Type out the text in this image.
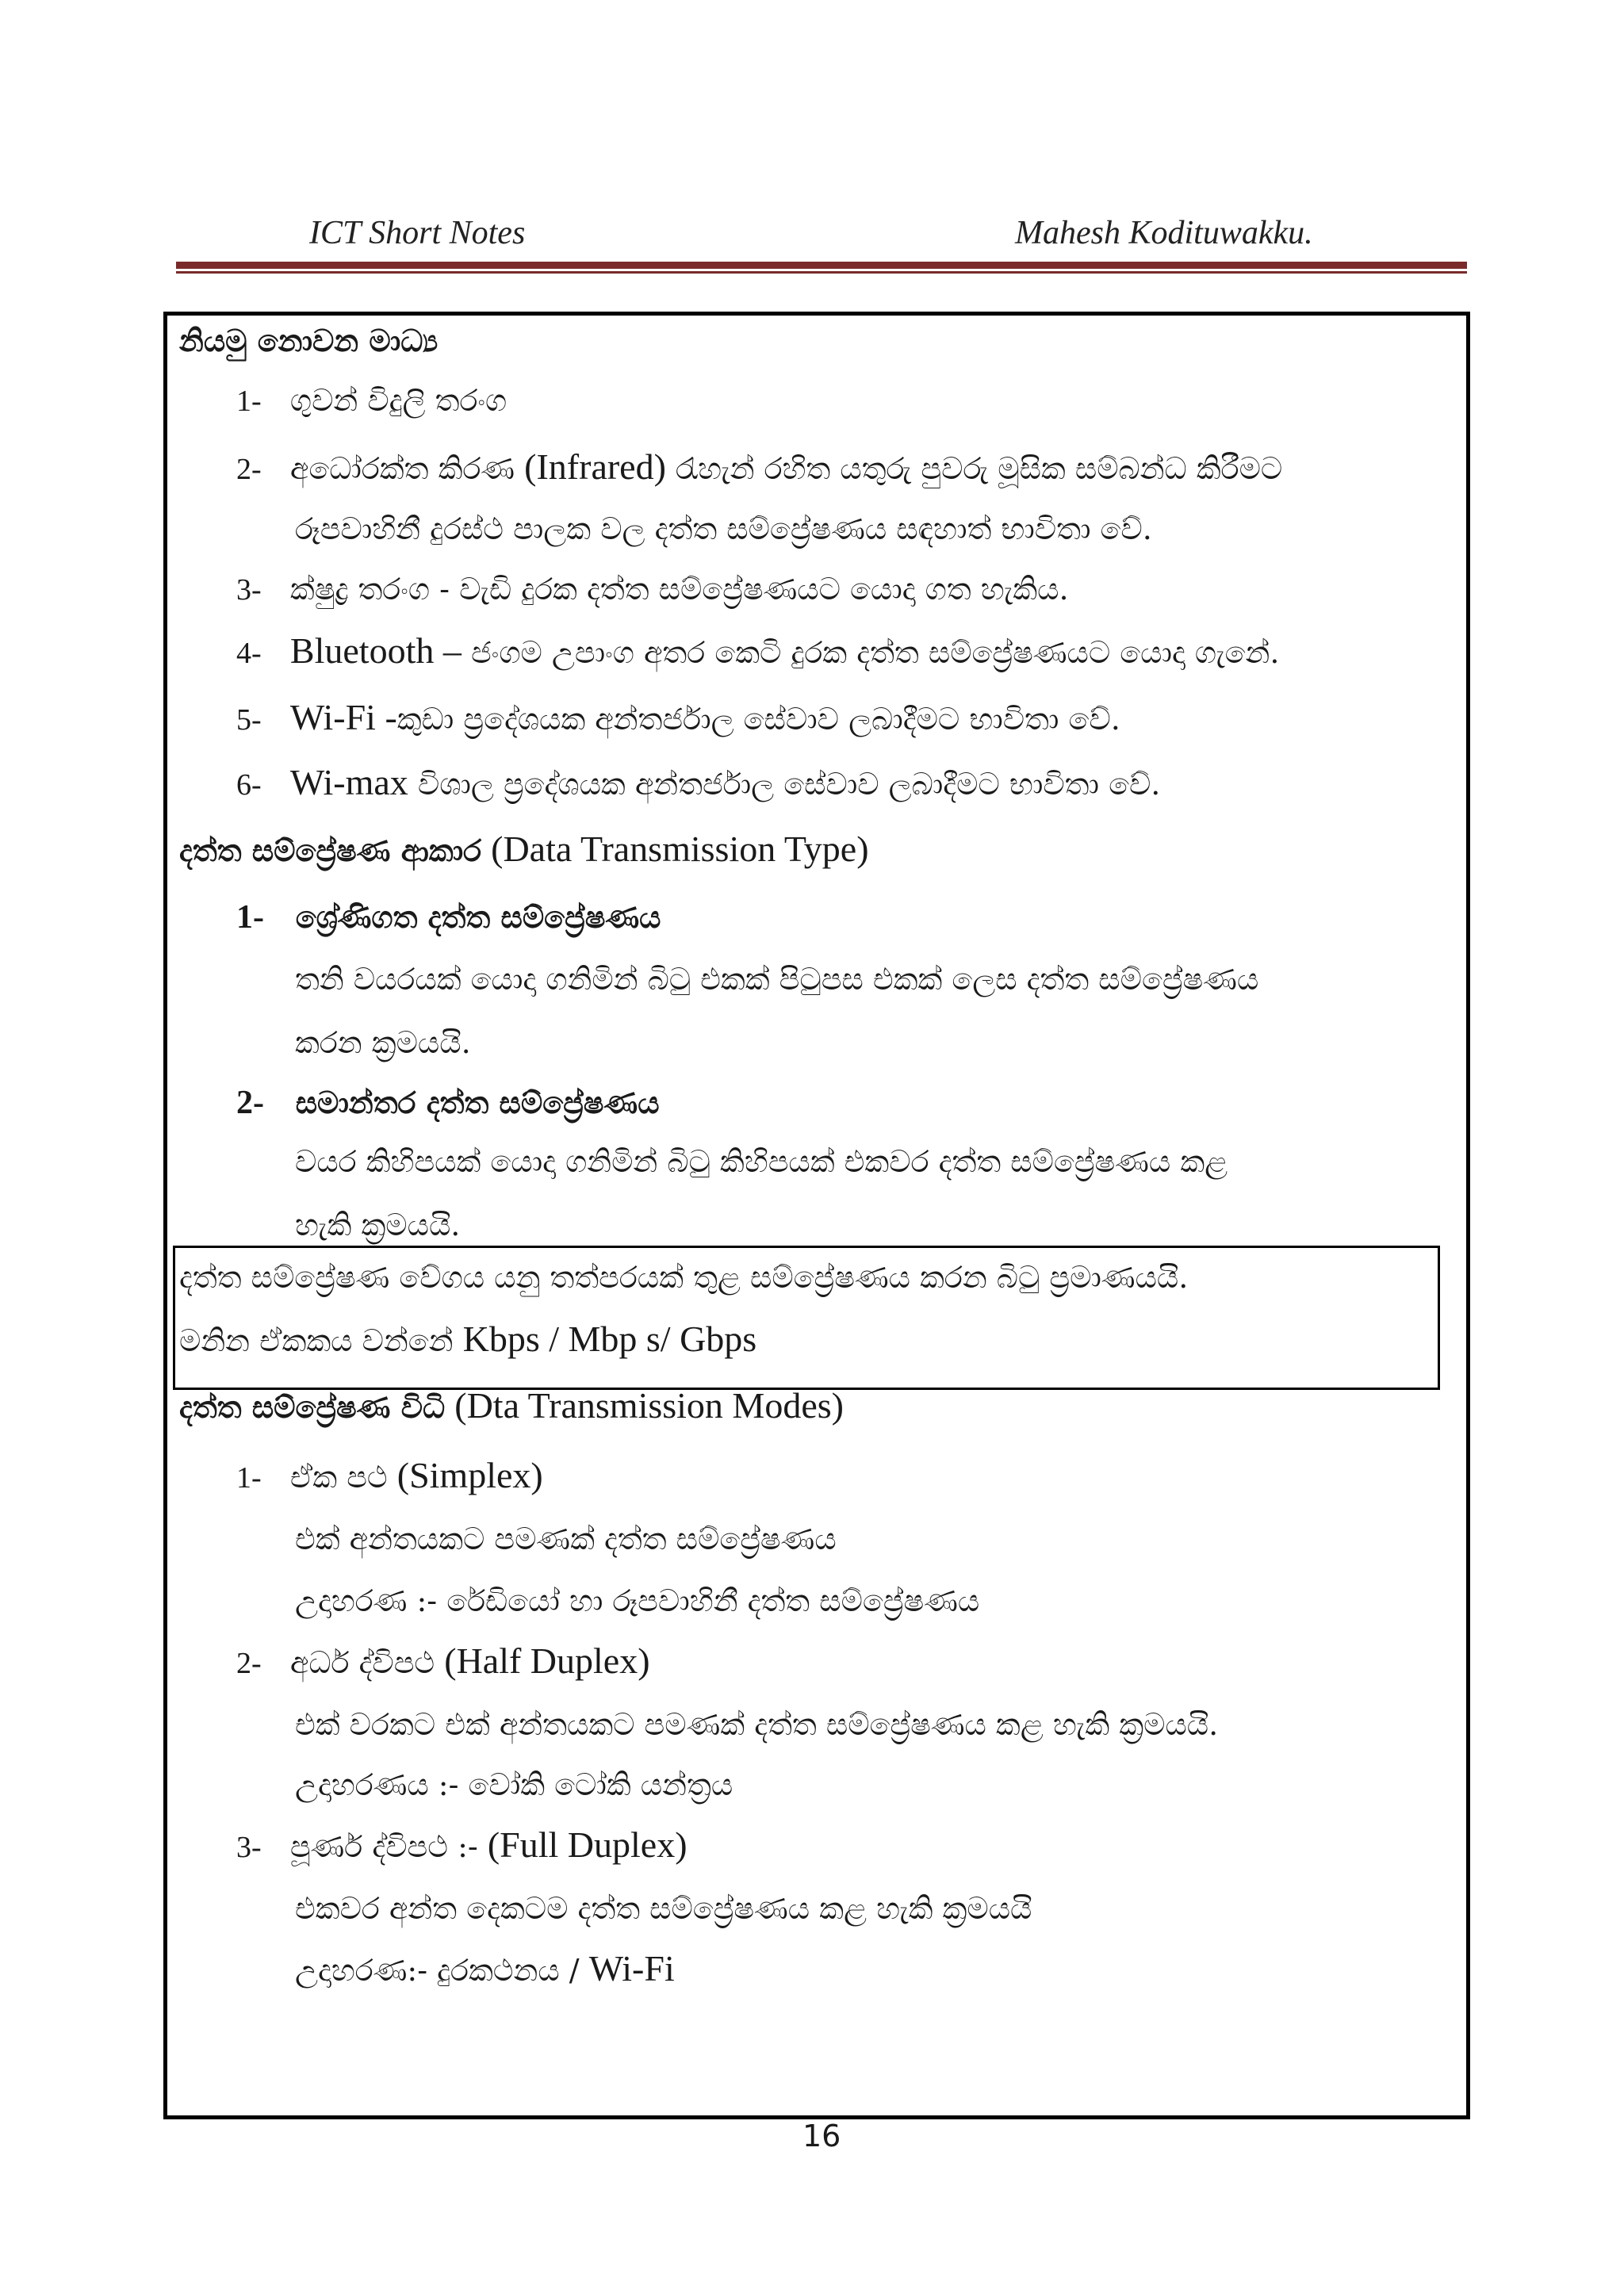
ICT Short Notes	Mahesh Kodituwakku.
නියමු නොවන මාධ්‍ය
1- ගුවන් විදුලි තරංග
2- අධෝරක්ත කිරණ (Infrared) රැහැන් රහිත යතුරු පුවරු මූසික සම්බන්ධ කිරීමට
රූපවාහිනී දුරස්ථ පාලක වල දත්ත සම්ප්‍රේෂණය සඳහාත් භාවිතා වේ.
3- ක්ෂුද්‍ර තරංග - වැඩි දුරක දත්ත සම්ප්‍රේෂණයට යොදා ගත හැකිය.
4- Bluetooth – ජංගම උපාංග අතර කෙටි දුරක දත්ත සම්ප්‍රේෂණයට යොදා ගැනේ.
5- Wi-Fi -කුඩා ප්‍රදේශයක අන්තර්ජාල සේවාව ලබාදීමට භාවිතා වේ.
6- Wi-max විශාල ප්‍රදේශයක අන්තර්ජාල සේවාව ලබාදීමට භාවිතා වේ.
දත්ත සම්ප්‍රේෂණ ආකාර (Data Transmission Type)
1- ශ්‍රේණිගත දත්ත සම්ප්‍රේෂණය
තනි වයරයක් යොදා ගනිමින් බිටු එකක් පිටුපස එකක් ලෙස දත්ත සම්ප්‍රේෂණය
කරන ක්‍රමයයි.
2- සමාන්තර දත්ත සම්ප්‍රේෂණය
වයර කිහිපයක් යොදා ගනිමින් බිටු කිහිපයක් එකවර දත්ත සම්ප්‍රේෂණය කළ
හැකි ක්‍රමයයි.
දත්ත සම්ප්‍රේෂණ වේගය යනු තත්පරයක් තුළ සම්ප්‍රේෂණය කරන බිටු ප්‍රමාණයයි.
මනින ඒකකය වන්නේ Kbps / Mbp s/ Gbps
දත්ත සම්ප්‍රේෂණ විධි (Dta Transmission Modes)
1- ඒක පථ (Simplex)
එක් අන්තයකට පමණක් දත්ත සම්ප්‍රේෂණය
උදාහරණ :- රේඩියෝ හා රූපවාහිනී දත්ත සම්ප්‍රේෂණය
2- අර්ධ ද්විපථ (Half Duplex)
එක් වරකට එක් අන්තයකට පමණක් දත්ත සම්ප්‍රේෂණය කළ හැකි ක්‍රමයයි.
උදාහරණය :- වෝකි ටෝකි යන්ත්‍රය
3- පූර්ණ ද්විපථ :- (Full Duplex)
එකවර අන්ත දෙකටම දත්ත සම්ප්‍රේෂණය කළ හැකි ක්‍රමයයි
උදාහරණ:- දුරකථනය / Wi-Fi
16
